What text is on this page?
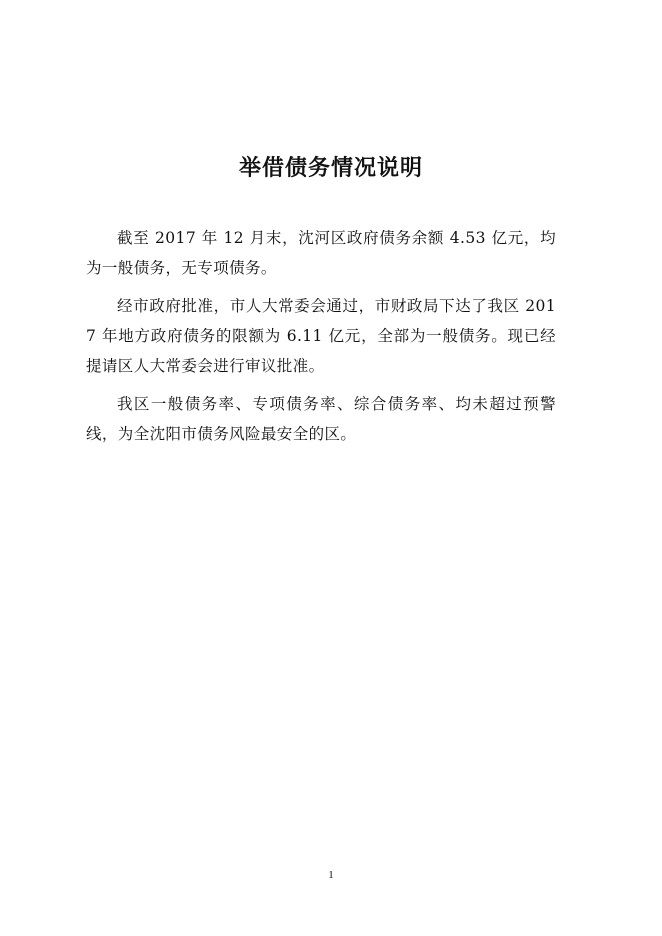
举借债务情况说明

截至 2017 年 12 月末，沈河区政府债务余额 4.53 亿元，均为一般债务，无专项债务。

经市政府批准，市人大常委会通过，市财政局下达了我区 2017 年地方政府债务的限额为 6.11 亿元，全部为一般债务。现已经提请区人大常委会进行审议批准。

我区一般债务率、专项债务率、综合债务率、均未超过预警线，为全沈阳市债务风险最安全的区。

1
